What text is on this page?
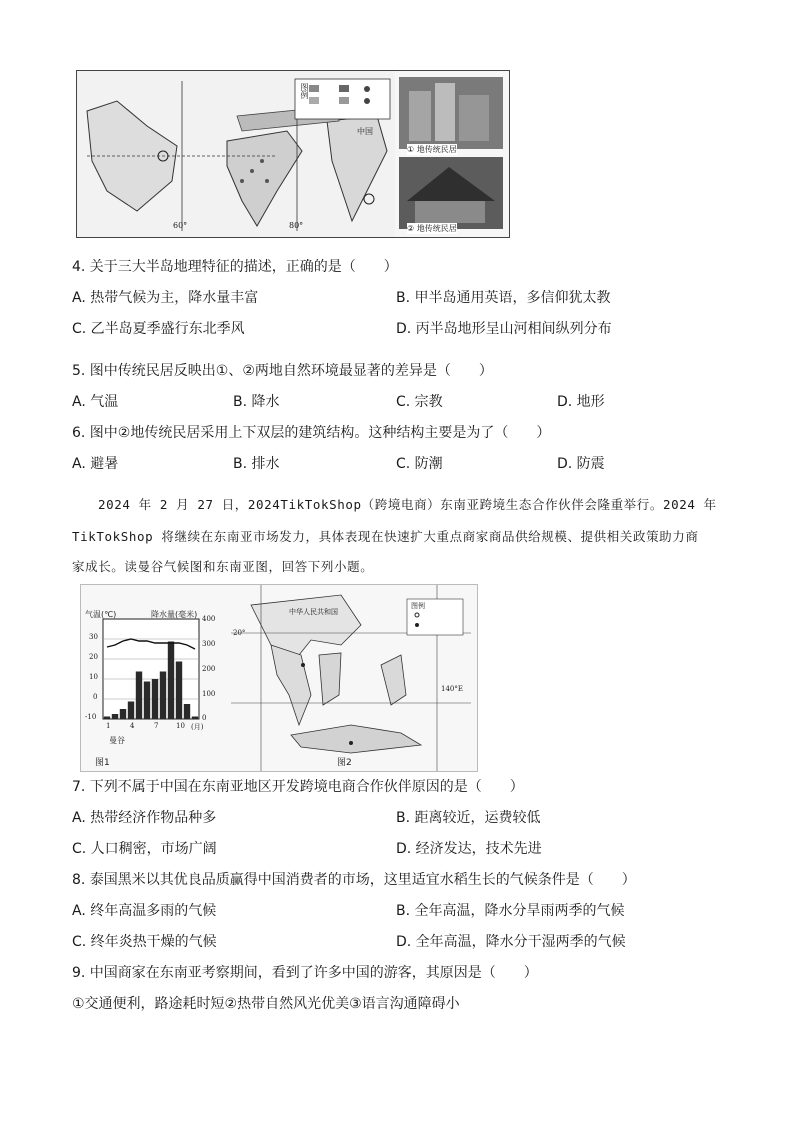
图例
中国
60°	80°
① 地传统民居
② 地传统民居
4. 关于三大半岛地理特征的描述，正确的是（　　）
A. 热带气候为主，降水量丰富	B. 甲半岛通用英语，多信仰犹太教
C. 乙半岛夏季盛行东北季风	D. 丙半岛地形呈山河相间纵列分布
5. 图中传统民居反映出①、②两地自然环境最显著的差异是（　　）
A. 气温	B. 降水	C. 宗教	D. 地形
6. 图中②地传统民居采用上下双层的建筑结构。这种结构主要是为了（　　）
A. 避暑	B. 排水	C. 防潮	D. 防震
2024 年 2 月 27 日，2024TikTokShop（跨境电商）东南亚跨境生态合作伙伴会隆重举行。2024 年
TikTokShop 将继续在东南亚市场发力，具体表现在快速扩大重点商家商品供给规模、提供相关政策助力商
家成长。读曼谷气候图和东南亚图，回答下列小题。
气温(℃)	降水量(毫米)
30
20
10
0
-10
400
300
200
100
0
1	4	7	10 (月)
曼谷
图1
中华人民共和国
图例
20°
140°E
图2
7. 下列不属于中国在东南亚地区开发跨境电商合作伙伴原因的是（　　）
A. 热带经济作物品种多	B. 距离较近，运费较低
C. 人口稠密，市场广阔	D. 经济发达，技术先进
8. 泰国黑米以其优良品质赢得中国消费者的市场，这里适宜水稻生长的气候条件是（　　）
A. 终年高温多雨的气候	B. 全年高温，降水分旱雨两季的气候
C. 终年炎热干燥的气候	D. 全年高温，降水分干湿两季的气候
9. 中国商家在东南亚考察期间，看到了许多中国的游客，其原因是（　　）
①交通便利，路途耗时短②热带自然风光优美③语言沟通障碍小
